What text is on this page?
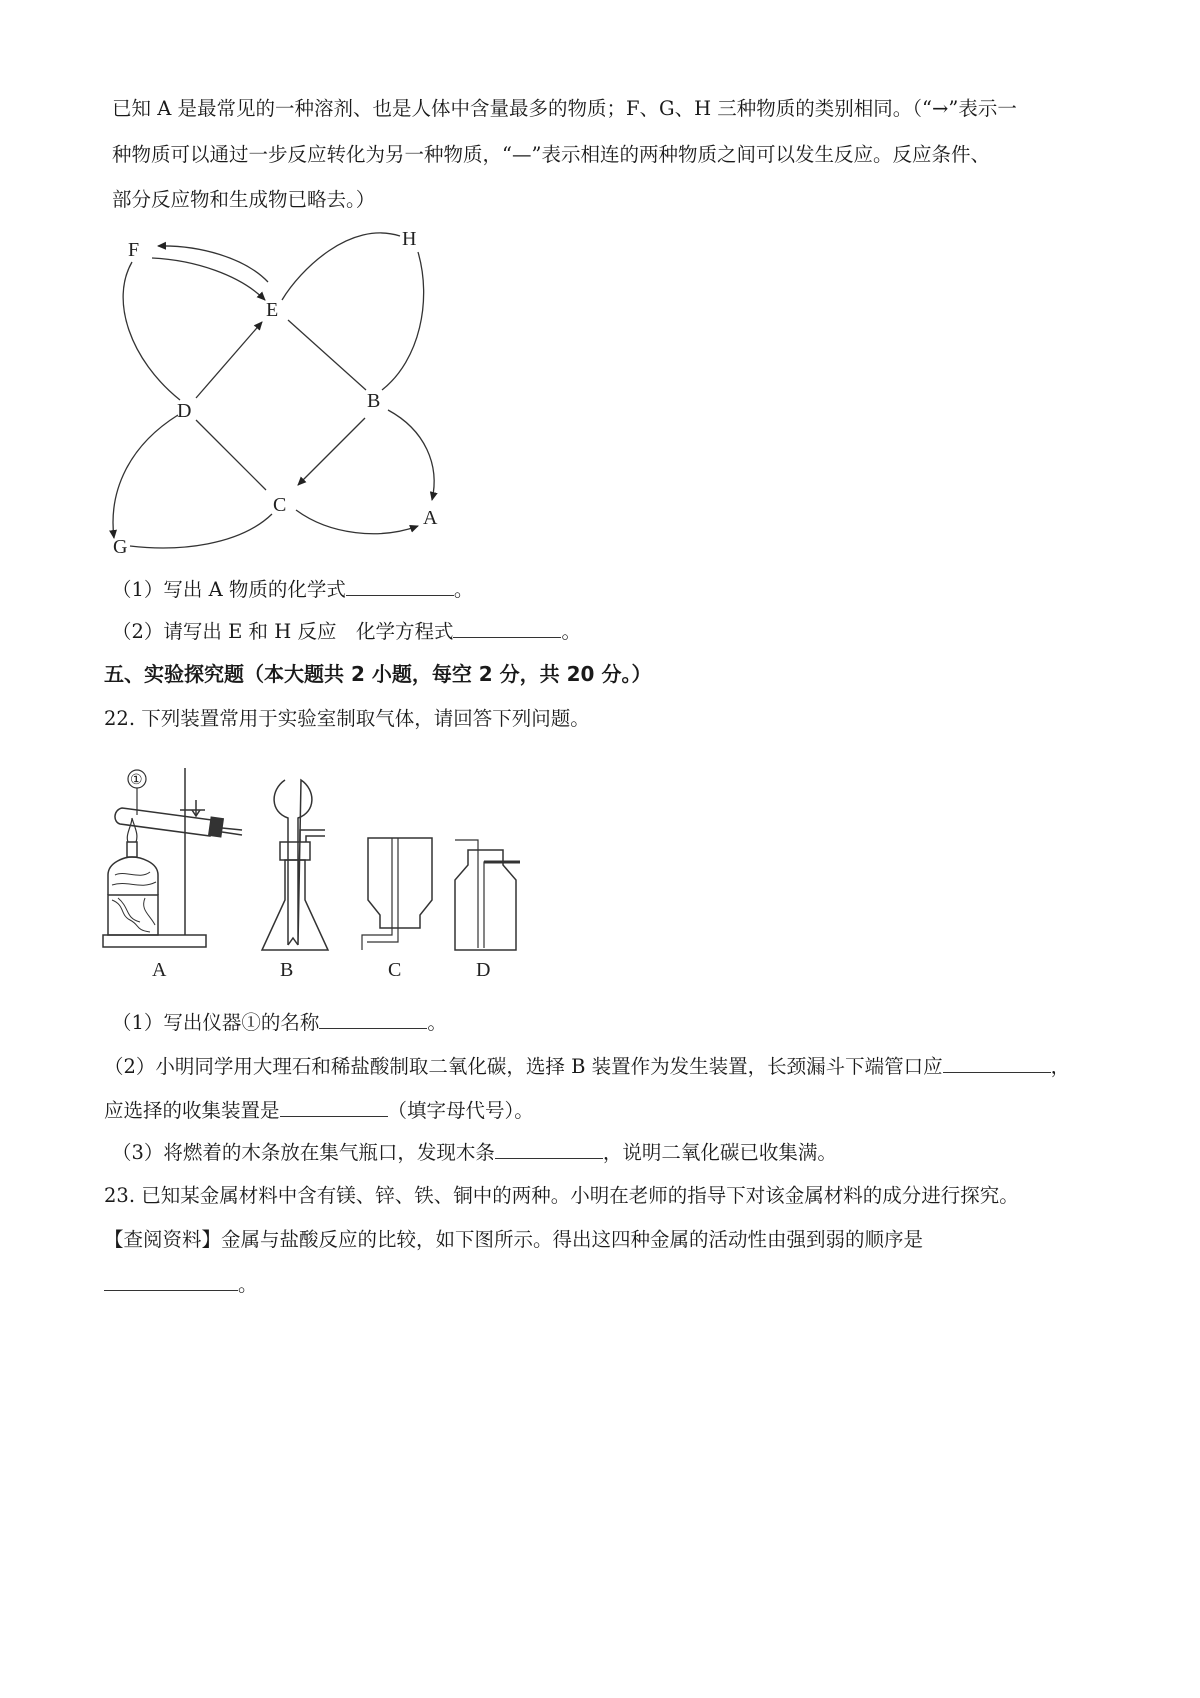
已知 A 是最常见的一种溶剂、也是人体中含量最多的物质；F、G、H 三种物质的类别相同。（“→”表示一
种物质可以通过一步反应转化为另一种物质，“—”表示相连的两种物质之间可以发生反应。反应条件、
部分反应物和生成物已略去。）
F	H
E
D	B
C
A
G
（1）写出 A 物质的化学式	。
（2）请写出 E 和 H 反应　化学方程式	。
五、实验探究题（本大题共 2 小题，每空 2 分，共 20 分。）
22. 下列装置常用于实验室制取气体，请回答下列问题。
①
A	B	C	D
（1）写出仪器①的名称	。
（2）小明同学用大理石和稀盐酸制取二氧化碳，选择 B 装置作为发生装置，长颈漏斗下端管口应	，
应选择的收集装置是	（填字母代号）。
（3）将燃着的木条放在集气瓶口，发现木条	，说明二氧化碳已收集满。
23. 已知某金属材料中含有镁、锌、铁、铜中的两种。小明在老师的指导下对该金属材料的成分进行探究。
【查阅资料】金属与盐酸反应的比较，如下图所示。得出这四种金属的活动性由强到弱的顺序是
。
